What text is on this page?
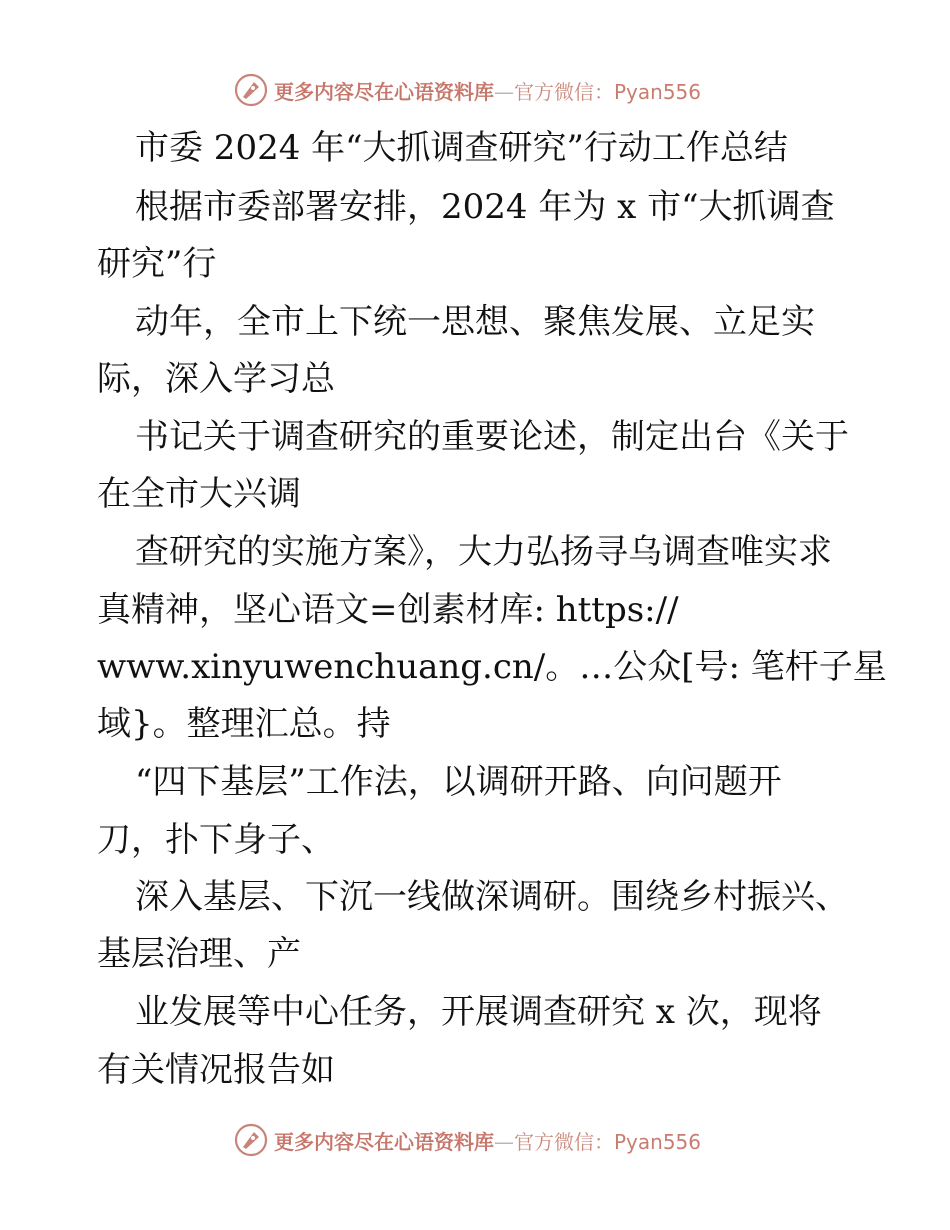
更多内容尽在心语资料库—官方微信：Pyan556
市委 2024 年“大抓调查研究”行动工作总结
根据市委部署安排，2024 年为 x 市“大抓调查
研究”行
动年，全市上下统一思想、聚焦发展、立足实
际，深入学习总
书记关于调查研究的重要论述，制定出台《关于
在全市大兴调
查研究的实施方案》，大力弘扬寻乌调查唯实求
真精神，坚心语文=创素材库: https://
www.xinyuwenchuang.cn/。…公众[号: 笔杆子星
域}。整理汇总。持
“四下基层”工作法，以调研开路、向问题开
刀，扑下身子、
深入基层、下沉一线做深调研。围绕乡村振兴、
基层治理、产
业发展等中心任务，开展调查研究 x 次，现将
有关情况报告如
更多内容尽在心语资料库—官方微信：Pyan556
